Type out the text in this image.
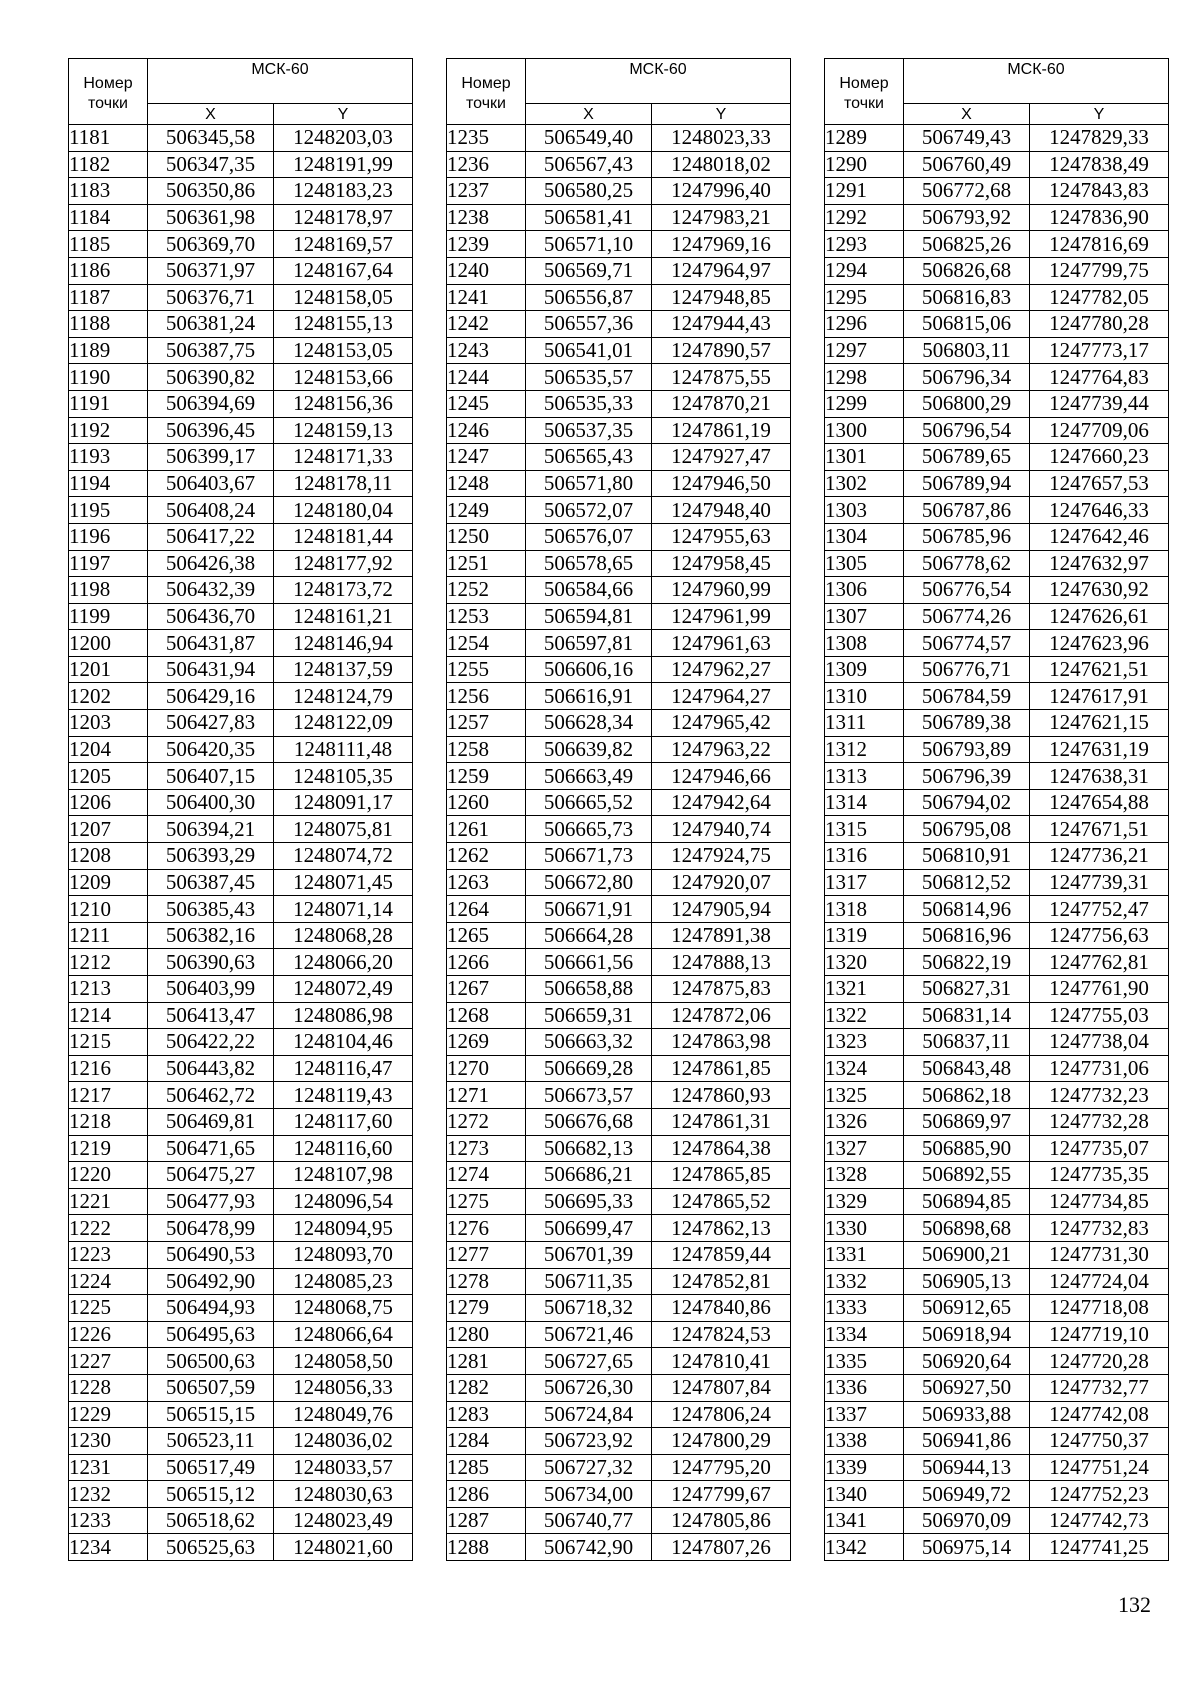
Номер точки	МСК-60	
	X	Y
1181	506345,58	1248203,03
1182	506347,35	1248191,99
1183	506350,86	1248183,23
1184	506361,98	1248178,97
1185	506369,70	1248169,57
1186	506371,97	1248167,64
1187	506376,71	1248158,05
1188	506381,24	1248155,13
1189	506387,75	1248153,05
1190	506390,82	1248153,66
1191	506394,69	1248156,36
1192	506396,45	1248159,13
1193	506399,17	1248171,33
1194	506403,67	1248178,11
1195	506408,24	1248180,04
1196	506417,22	1248181,44
1197	506426,38	1248177,92
1198	506432,39	1248173,72
1199	506436,70	1248161,21
1200	506431,87	1248146,94
1201	506431,94	1248137,59
1202	506429,16	1248124,79
1203	506427,83	1248122,09
1204	506420,35	1248111,48
1205	506407,15	1248105,35
1206	506400,30	1248091,17
1207	506394,21	1248075,81
1208	506393,29	1248074,72
1209	506387,45	1248071,45
1210	506385,43	1248071,14
1211	506382,16	1248068,28
1212	506390,63	1248066,20
1213	506403,99	1248072,49
1214	506413,47	1248086,98
1215	506422,22	1248104,46
1216	506443,82	1248116,47
1217	506462,72	1248119,43
1218	506469,81	1248117,60
1219	506471,65	1248116,60
1220	506475,27	1248107,98
1221	506477,93	1248096,54
1222	506478,99	1248094,95
1223	506490,53	1248093,70
1224	506492,90	1248085,23
1225	506494,93	1248068,75
1226	506495,63	1248066,64
1227	506500,63	1248058,50
1228	506507,59	1248056,33
1229	506515,15	1248049,76
1230	506523,11	1248036,02
1231	506517,49	1248033,57
1232	506515,12	1248030,63
1233	506518,62	1248023,49
1234	506525,63	1248021,60
Номер точки	МСК-60	
	X	Y
1235	506549,40	1248023,33
1236	506567,43	1248018,02
1237	506580,25	1247996,40
1238	506581,41	1247983,21
1239	506571,10	1247969,16
1240	506569,71	1247964,97
1241	506556,87	1247948,85
1242	506557,36	1247944,43
1243	506541,01	1247890,57
1244	506535,57	1247875,55
1245	506535,33	1247870,21
1246	506537,35	1247861,19
1247	506565,43	1247927,47
1248	506571,80	1247946,50
1249	506572,07	1247948,40
1250	506576,07	1247955,63
1251	506578,65	1247958,45
1252	506584,66	1247960,99
1253	506594,81	1247961,99
1254	506597,81	1247961,63
1255	506606,16	1247962,27
1256	506616,91	1247964,27
1257	506628,34	1247965,42
1258	506639,82	1247963,22
1259	506663,49	1247946,66
1260	506665,52	1247942,64
1261	506665,73	1247940,74
1262	506671,73	1247924,75
1263	506672,80	1247920,07
1264	506671,91	1247905,94
1265	506664,28	1247891,38
1266	506661,56	1247888,13
1267	506658,88	1247875,83
1268	506659,31	1247872,06
1269	506663,32	1247863,98
1270	506669,28	1247861,85
1271	506673,57	1247860,93
1272	506676,68	1247861,31
1273	506682,13	1247864,38
1274	506686,21	1247865,85
1275	506695,33	1247865,52
1276	506699,47	1247862,13
1277	506701,39	1247859,44
1278	506711,35	1247852,81
1279	506718,32	1247840,86
1280	506721,46	1247824,53
1281	506727,65	1247810,41
1282	506726,30	1247807,84
1283	506724,84	1247806,24
1284	506723,92	1247800,29
1285	506727,32	1247795,20
1286	506734,00	1247799,67
1287	506740,77	1247805,86
1288	506742,90	1247807,26
Номер точки	МСК-60	
	X	Y
1289	506749,43	1247829,33
1290	506760,49	1247838,49
1291	506772,68	1247843,83
1292	506793,92	1247836,90
1293	506825,26	1247816,69
1294	506826,68	1247799,75
1295	506816,83	1247782,05
1296	506815,06	1247780,28
1297	506803,11	1247773,17
1298	506796,34	1247764,83
1299	506800,29	1247739,44
1300	506796,54	1247709,06
1301	506789,65	1247660,23
1302	506789,94	1247657,53
1303	506787,86	1247646,33
1304	506785,96	1247642,46
1305	506778,62	1247632,97
1306	506776,54	1247630,92
1307	506774,26	1247626,61
1308	506774,57	1247623,96
1309	506776,71	1247621,51
1310	506784,59	1247617,91
1311	506789,38	1247621,15
1312	506793,89	1247631,19
1313	506796,39	1247638,31
1314	506794,02	1247654,88
1315	506795,08	1247671,51
1316	506810,91	1247736,21
1317	506812,52	1247739,31
1318	506814,96	1247752,47
1319	506816,96	1247756,63
1320	506822,19	1247762,81
1321	506827,31	1247761,90
1322	506831,14	1247755,03
1323	506837,11	1247738,04
1324	506843,48	1247731,06
1325	506862,18	1247732,23
1326	506869,97	1247732,28
1327	506885,90	1247735,07
1328	506892,55	1247735,35
1329	506894,85	1247734,85
1330	506898,68	1247732,83
1331	506900,21	1247731,30
1332	506905,13	1247724,04
1333	506912,65	1247718,08
1334	506918,94	1247719,10
1335	506920,64	1247720,28
1336	506927,50	1247732,77
1337	506933,88	1247742,08
1338	506941,86	1247750,37
1339	506944,13	1247751,24
1340	506949,72	1247752,23
1341	506970,09	1247742,73
1342	506975,14	1247741,25
132
